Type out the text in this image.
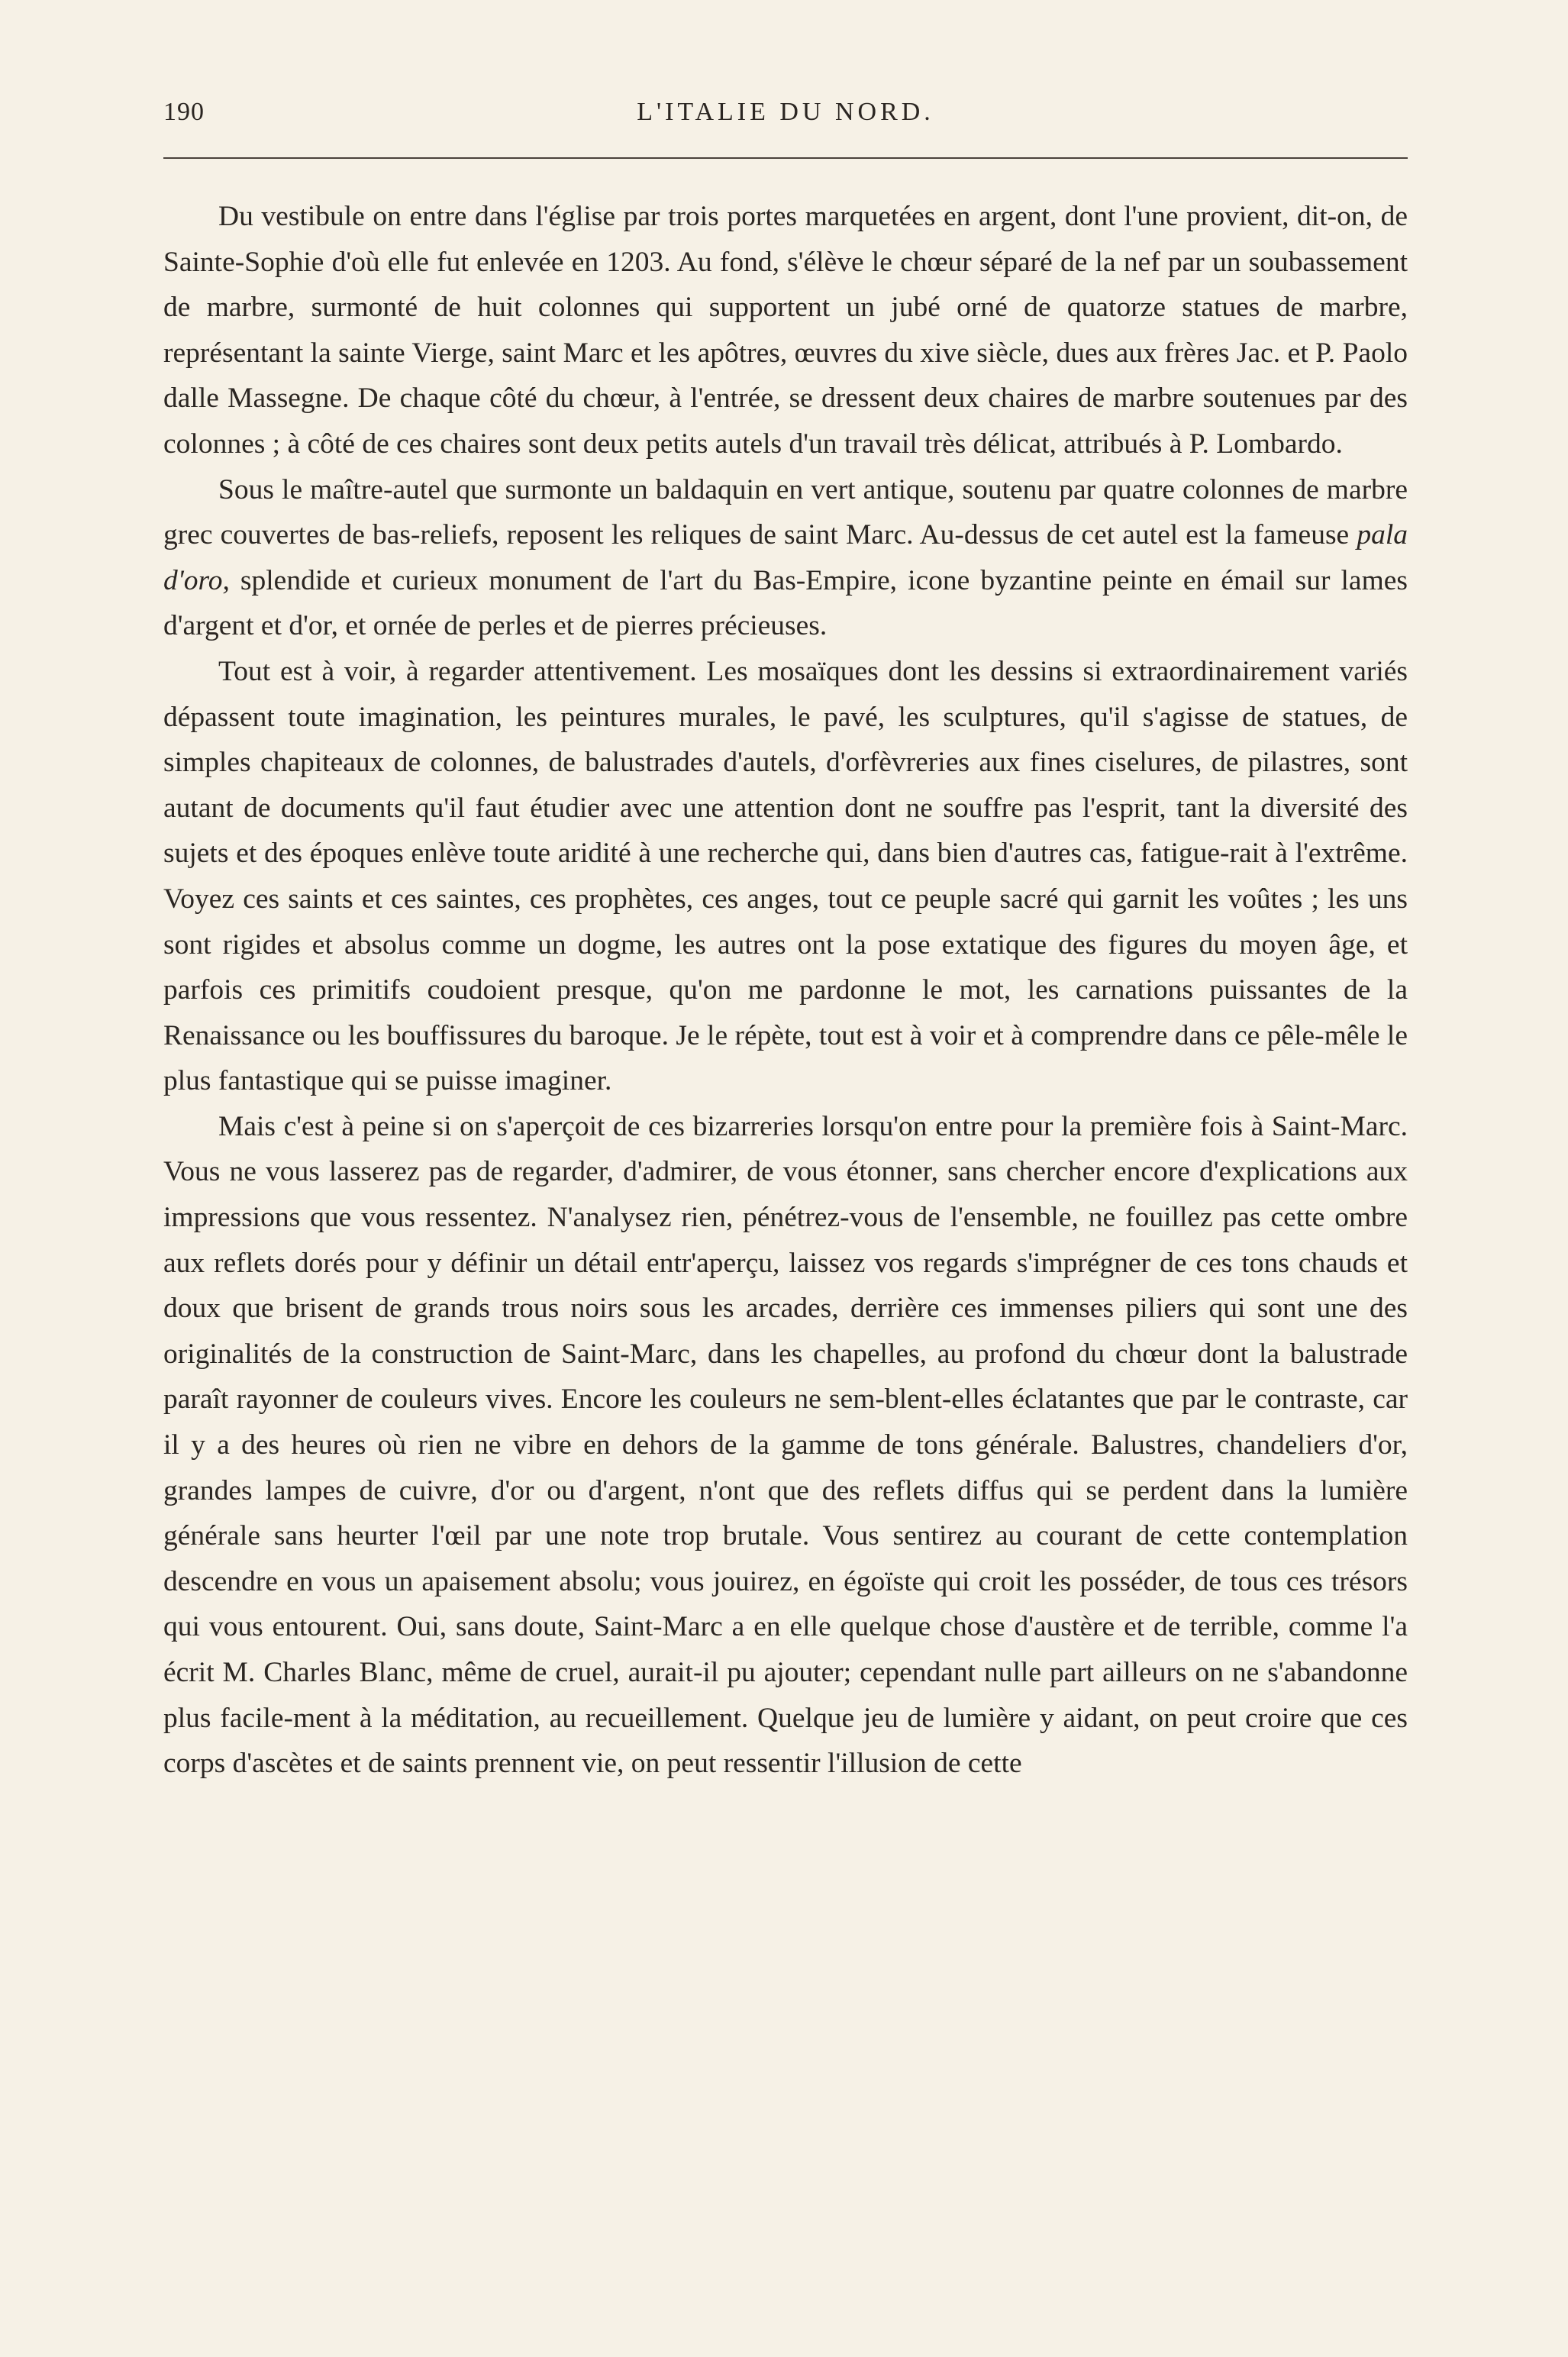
190	L'ITALIE DU NORD.

Du vestibule on entre dans l'église par trois portes marquetées en argent, dont l'une provient, dit-on, de Sainte-Sophie d'où elle fut enlevée en 1203. Au fond, s'élève le chœur séparé de la nef par un soubassement de marbre, surmonté de huit colonnes qui supportent un jubé orné de quatorze statues de marbre, représentant la sainte Vierge, saint Marc et les apôtres, œuvres du xive siècle, dues aux frères Jac. et P. Paolo dalle Massegne. De chaque côté du chœur, à l'entrée, se dressent deux chaires de marbre soutenues par des colonnes ; à côté de ces chaires sont deux petits autels d'un travail très délicat, attribués à P. Lombardo.

Sous le maître-autel que surmonte un baldaquin en vert antique, soutenu par quatre colonnes de marbre grec couvertes de bas-reliefs, reposent les reliques de saint Marc. Au-dessus de cet autel est la fameuse pala d'oro, splendide et curieux monument de l'art du Bas-Empire, icone byzantine peinte en émail sur lames d'argent et d'or, et ornée de perles et de pierres précieuses.

Tout est à voir, à regarder attentivement. Les mosaïques dont les dessins si extraordinairement variés dépassent toute imagination, les peintures murales, le pavé, les sculptures, qu'il s'agisse de statues, de simples chapiteaux de colonnes, de balustrades d'autels, d'orfèvreries aux fines ciselures, de pilastres, sont autant de documents qu'il faut étudier avec une attention dont ne souffre pas l'esprit, tant la diversité des sujets et des époques enlève toute aridité à une recherche qui, dans bien d'autres cas, fatigue-rait à l'extrême. Voyez ces saints et ces saintes, ces prophètes, ces anges, tout ce peuple sacré qui garnit les voûtes ; les uns sont rigides et absolus comme un dogme, les autres ont la pose extatique des figures du moyen âge, et parfois ces primitifs coudoient presque, qu'on me pardonne le mot, les carnations puissantes de la Renaissance ou les bouffissures du baroque. Je le répète, tout est à voir et à comprendre dans ce pêle-mêle le plus fantastique qui se puisse imaginer.

Mais c'est à peine si on s'aperçoit de ces bizarreries lorsqu'on entre pour la première fois à Saint-Marc. Vous ne vous lasserez pas de regarder, d'admirer, de vous étonner, sans chercher encore d'explications aux impressions que vous ressentez. N'analysez rien, pénétrez-vous de l'ensemble, ne fouillez pas cette ombre aux reflets dorés pour y définir un détail entr'aperçu, laissez vos regards s'imprégner de ces tons chauds et doux que brisent de grands trous noirs sous les arcades, derrière ces immenses piliers qui sont une des originalités de la construction de Saint-Marc, dans les chapelles, au profond du chœur dont la balustrade paraît rayonner de couleurs vives. Encore les couleurs ne sem-blent-elles éclatantes que par le contraste, car il y a des heures où rien ne vibre en dehors de la gamme de tons générale. Balustres, chandeliers d'or, grandes lampes de cuivre, d'or ou d'argent, n'ont que des reflets diffus qui se perdent dans la lumière générale sans heurter l'œil par une note trop brutale. Vous sentirez au courant de cette contemplation descendre en vous un apaisement absolu; vous jouirez, en égoïste qui croit les posséder, de tous ces trésors qui vous entourent. Oui, sans doute, Saint-Marc a en elle quelque chose d'austère et de terrible, comme l'a écrit M. Charles Blanc, même de cruel, aurait-il pu ajouter; cependant nulle part ailleurs on ne s'abandonne plus facile-ment à la méditation, au recueillement. Quelque jeu de lumière y aidant, on peut croire que ces corps d'ascètes et de saints prennent vie, on peut ressentir l'illusion de cette
